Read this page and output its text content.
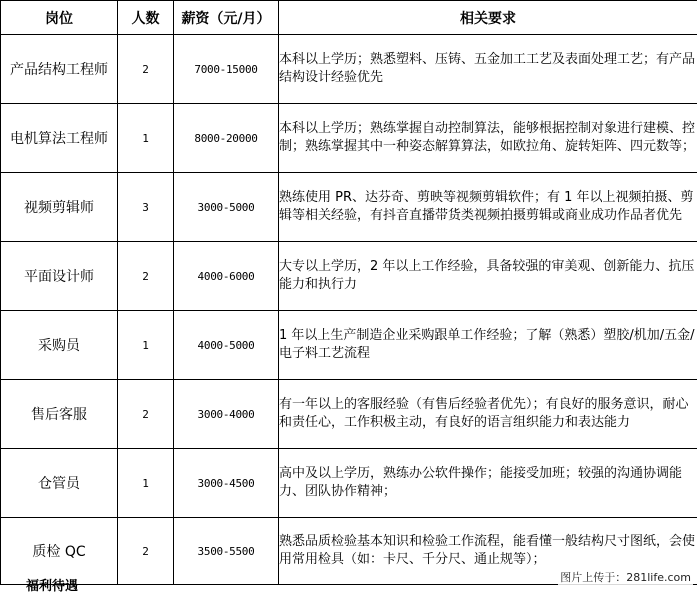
岗位	人数	薪资（元/月）	相关要求
产品结构工程师	2	7000-15000	本科以上学历；熟悉塑料、压铸、五金加工工艺及表面处理工艺；有产品结构设计经验优先
电机算法工程师	1	8000-20000	本科以上学历；熟练掌握自动控制算法，能够根据控制对象进行建模、控制；熟练掌握其中一种姿态解算算法，如欧拉角、旋转矩阵、四元数等；
视频剪辑师	3	3000-5000	熟练使用 PR、达芬奇、剪映等视频剪辑软件；有 1 年以上视频拍摄、剪辑等相关经验，有抖音直播带货类视频拍摄剪辑或商业成功作品者优先
平面设计师	2	4000-6000	大专以上学历，2 年以上工作经验，具备较强的审美观、创新能力、抗压能力和执行力
采购员	1	4000-5000	1 年以上生产制造企业采购跟单工作经验；了解（熟悉）塑胶/机加/五金/电子料工艺流程
售后客服	2	3000-4000	有一年以上的客服经验（有售后经验者优先）；有良好的服务意识，耐心和责任心，工作积极主动，有良好的语言组织能力和表达能力
仓管员	1	3000-4500	高中及以上学历，熟练办公软件操作；能接受加班；较强的沟通协调能力、团队协作精神；
质检 QC	2	3500-5500	熟悉品质检验基本知识和检验工作流程，能看懂一般结构尺寸图纸，会使用常用检具（如：卡尺、千分尺、通止规等）；
福利待遇
图片上传于：281life.com
